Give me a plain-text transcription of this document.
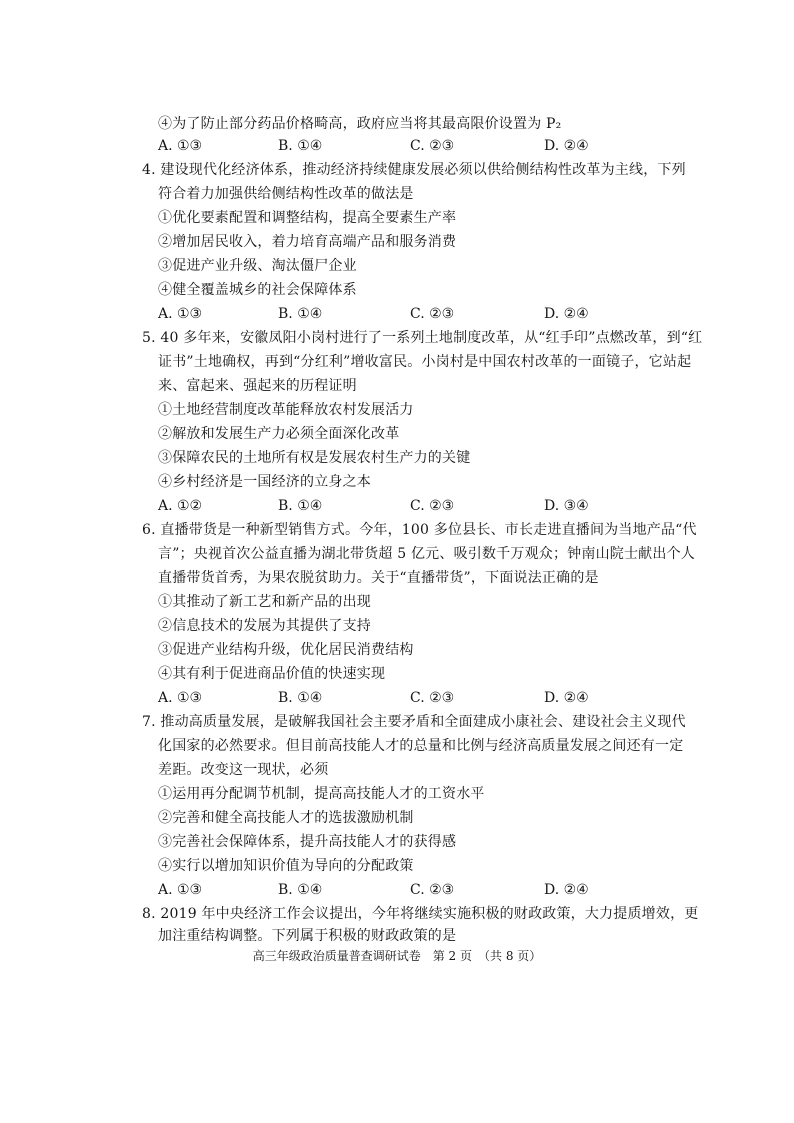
④为了防止部分药品价格畸高，政府应当将其最高限价设置为 P₂
A. ①③	B. ①④	C. ②③	D. ②④
4. 建设现代化经济体系，推动经济持续健康发展必须以供给侧结构性改革为主线，下列
符合着力加强供给侧结构性改革的做法是
①优化要素配置和调整结构，提高全要素生产率
②增加居民收入，着力培育高端产品和服务消费
③促进产业升级、淘汰僵尸企业
④健全覆盖城乡的社会保障体系
A. ①③	B. ①④	C. ②③	D. ②④
5. 40 多年来，安徽凤阳小岗村进行了一系列土地制度改革，从“红手印”点燃改革，到“红
证书”土地确权，再到“分红利”增收富民。小岗村是中国农村改革的一面镜子，它站起
来、富起来、强起来的历程证明
①土地经营制度改革能释放农村发展活力
②解放和发展生产力必须全面深化改革
③保障农民的土地所有权是发展农村生产力的关键
④乡村经济是一国经济的立身之本
A. ①②	B. ①④	C. ②③	D. ③④
6. 直播带货是一种新型销售方式。今年，100 多位县长、市长走进直播间为当地产品“代
言”；央视首次公益直播为湖北带货超 5 亿元、吸引数千万观众；钟南山院士献出个人
直播带货首秀，为果农脱贫助力。关于“直播带货”，下面说法正确的是
①其推动了新工艺和新产品的出现
②信息技术的发展为其提供了支持
③促进产业结构升级，优化居民消费结构
④其有利于促进商品价值的快速实现
A. ①③	B. ①④	C. ②③	D. ②④
7. 推动高质量发展，是破解我国社会主要矛盾和全面建成小康社会、建设社会主义现代
化国家的必然要求。但目前高技能人才的总量和比例与经济高质量发展之间还有一定
差距。改变这一现状，必须
①运用再分配调节机制，提高高技能人才的工资水平
②完善和健全高技能人才的选拔激励机制
③完善社会保障体系，提升高技能人才的获得感
④实行以增加知识价值为导向的分配政策
A. ①③	B. ①④	C. ②③	D. ②④
8. 2019 年中央经济工作会议提出，今年将继续实施积极的财政政策，大力提质增效，更
加注重结构调整。下列属于积极的财政政策的是
高三年级政治质量普查调研试卷　第 2 页　（共 8 页）
